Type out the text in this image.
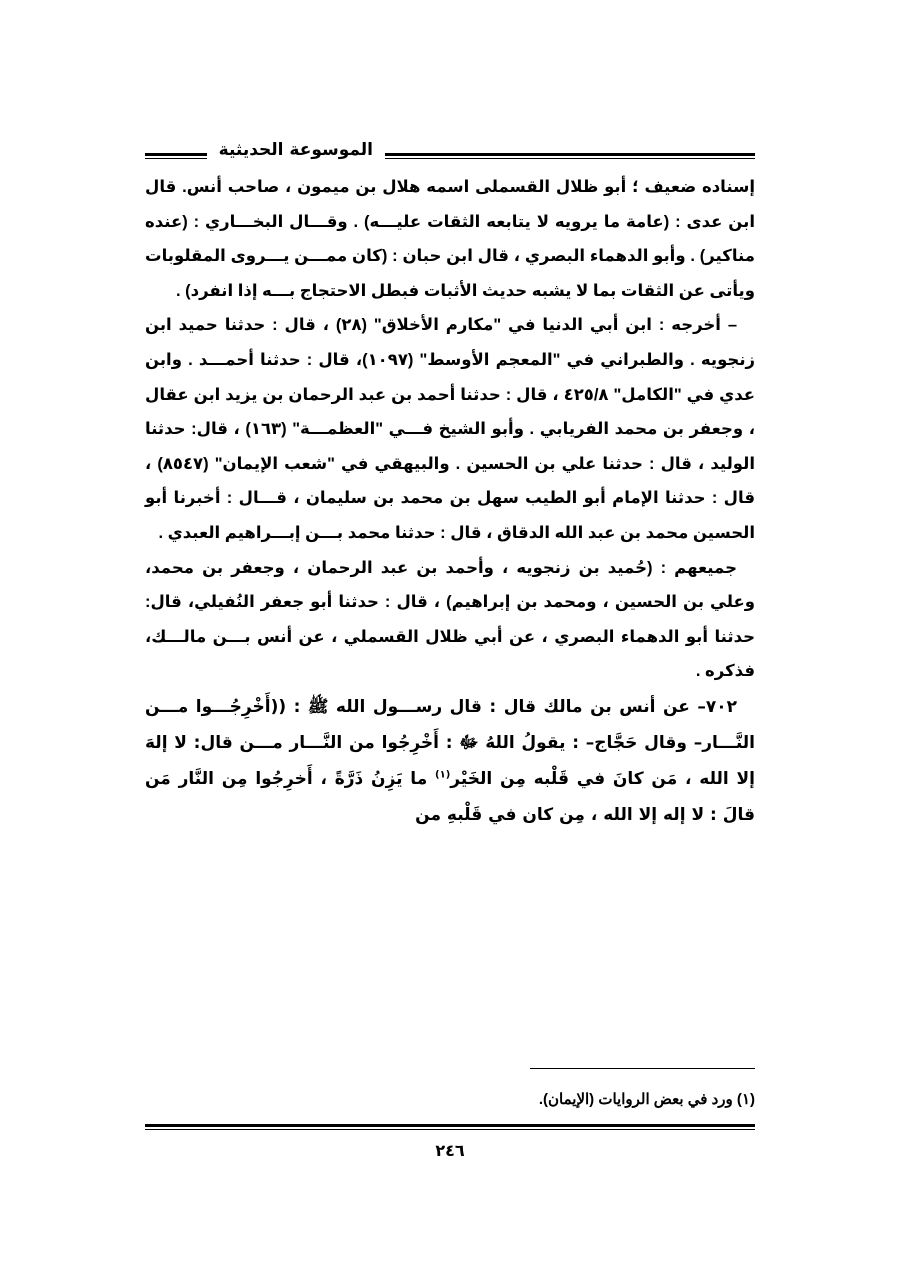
الموسوعة الحديثية

إسناده ضعيف ؛ أبو ظلال القسملى اسمه هلال بن ميمون ، صاحب أنس. قال ابن عدى : (عامة ما يرويه لا يتابعه الثقات عليـــه) . وقـــال البخـــاري : (عنده مناكير) . وأبو الدهماء البصري ، قال ابن حبان : (كان ممـــن يـــروى المقلوبات ويأتى عن الثقات بما لا يشبه حديث الأثبات فبطل الاحتجاج بـــه إذا انفرد) .

– أخرجه : ابن أبي الدنيا في "مكارم الأخلاق" (٢٨) ، قال : حدثنا حميد ابن زنجويه . والطبراني في "المعجم الأوسط" (١٠٩٧)، قال : حدثنا أحمـــد . وابن عدي في "الكامل" ٤٢٥/٨ ، قال : حدثنا أحمد بن عبد الرحمان بن يزيد ابن عقال ، وجعفر بن محمد الفريابي . وأبو الشيخ فـــي "العظمـــة" (١٦٣) ، قال: حدثنا الوليد ، قال : حدثنا علي بن الحسين . والبيهقي في "شعب الإيمان" (٨٥٤٧) ، قال : حدثنا الإمام أبو الطيب سهل بن محمد بن سليمان ، قـــال : أخبرنا أبو الحسين محمد بن عبد الله الدقاق ، قال : حدثنا محمد بـــن إبـــراهيم العبدي .

جميعهم : (حُميد بن زنجويه ، وأحمد بن عبد الرحمان ، وجعفر بن محمد، وعلي بن الحسين ، ومحمد بن إبراهيم) ، قال : حدثنا أبو جعفر النُفيلي، قال: حدثنا أبو الدهماء البصري ، عن أبي ظلال القسملي ، عن أنس بـــن مالـــك، فذكره .

٧٠٢– عن أنس بن مالك قال : قال رســـول الله ﷺ : ((أَخْرِجُـــوا مـــن النَّـــار– وقال حَجَّاج– : يقولُ اللهُ ﷻ : أَخْرِجُوا من النَّـــار مـــن قال: لا إلهَ إلا الله ، مَن كانَ في قَلْبه مِن الخَيْر$^{(١)}$ ما يَزِنُ ذَرَّةً ، أَخرِجُوا مِن النَّار مَن قالَ : لا إله إلا الله ، مِن كان في قَلْبهِ من

(١) ورد في بعض الروايات (الإيمان).
٢٤٦
